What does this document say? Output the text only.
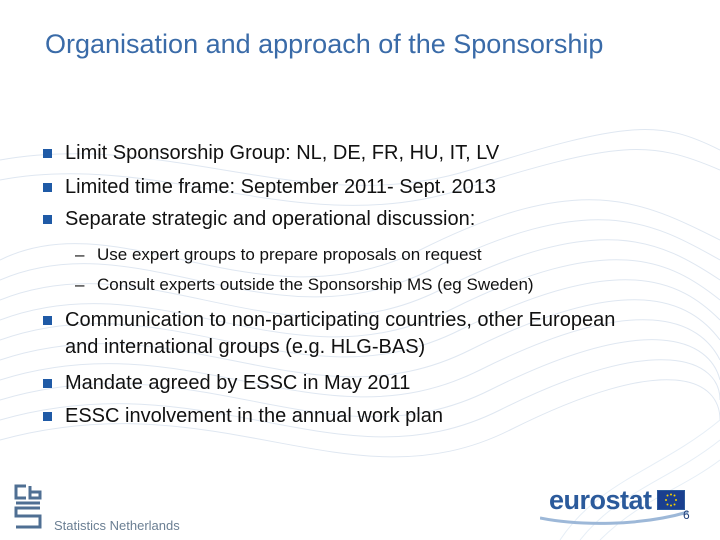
Organisation and approach of the Sponsorship
Limit Sponsorship Group: NL, DE, FR, HU, IT, LV
Limited time frame: September 2011- Sept. 2013
Separate strategic and operational discussion:
– Use expert groups to prepare proposals on request
– Consult experts outside the Sponsorship MS (eg Sweden)
Communication to non-participating countries, other European and international groups (e.g. HLG-BAS)
Mandate agreed by ESSC in May 2011
ESSC involvement in the annual work plan
Statistics Netherlands
eurostat	6
